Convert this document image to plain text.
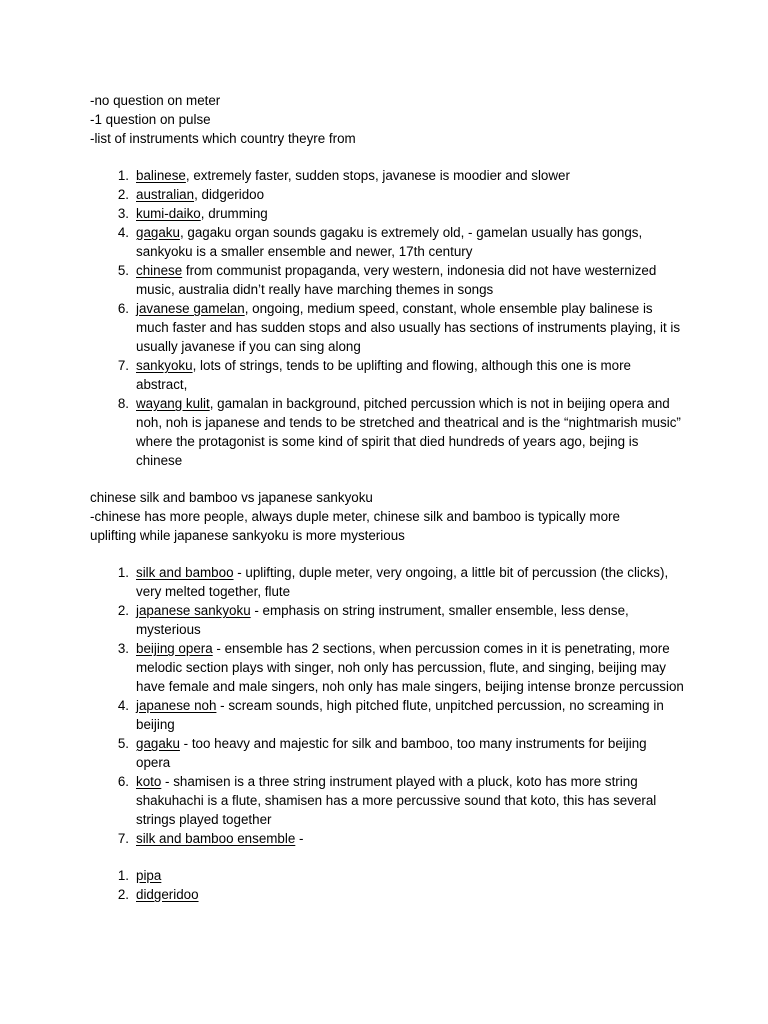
-no question on meter
-1 question on pulse
-list of instruments which country theyre from
1. balinese, extremely faster, sudden stops, javanese is moodier and slower
2. australian, didgeridoo
3. kumi-daiko, drumming
4. gagaku, gagaku organ sounds gagaku is extremely old, - gamelan usually has gongs, sankyoku is a smaller ensemble and newer, 17th century
5. chinese from communist propaganda, very western, indonesia did not have westernized music, australia didn’t really have marching themes in songs
6. javanese gamelan, ongoing, medium speed, constant, whole ensemble play balinese is much faster and has sudden stops and also usually has sections of instruments playing, it is usually javanese if you can sing along
7. sankyoku, lots of strings, tends to be uplifting and flowing, although this one is more abstract,
8. wayang kulit, gamalan in background, pitched percussion which is not in beijing opera and noh, noh is japanese and tends to be stretched and theatrical and is the “nightmarish music” where the protagonist is some kind of spirit that died hundreds of years ago, bejing is chinese
chinese silk and bamboo vs japanese sankyoku
-chinese has more people, always duple meter, chinese silk and bamboo is typically more uplifting while japanese sankyoku is more mysterious
1. silk and bamboo - uplifting, duple meter, very ongoing, a little bit of percussion (the clicks), very melted together, flute
2. japanese sankyoku - emphasis on string instrument, smaller ensemble, less dense, mysterious
3. beijing opera - ensemble has 2 sections, when percussion comes in it is penetrating, more melodic section plays with singer, noh only has percussion, flute, and singing, beijing may have female and male singers, noh only has male singers, beijing intense bronze percussion
4. japanese noh - scream sounds, high pitched flute, unpitched percussion, no screaming in beijing
5. gagaku - too heavy and majestic for silk and bamboo, too many instruments for beijing opera
6. koto - shamisen is a three string instrument played with a pluck, koto has more string shakuhachi is a flute, shamisen has a more percussive sound that koto, this has several strings played together
7. silk and bamboo ensemble -
1. pipa
2. didgeridoo
